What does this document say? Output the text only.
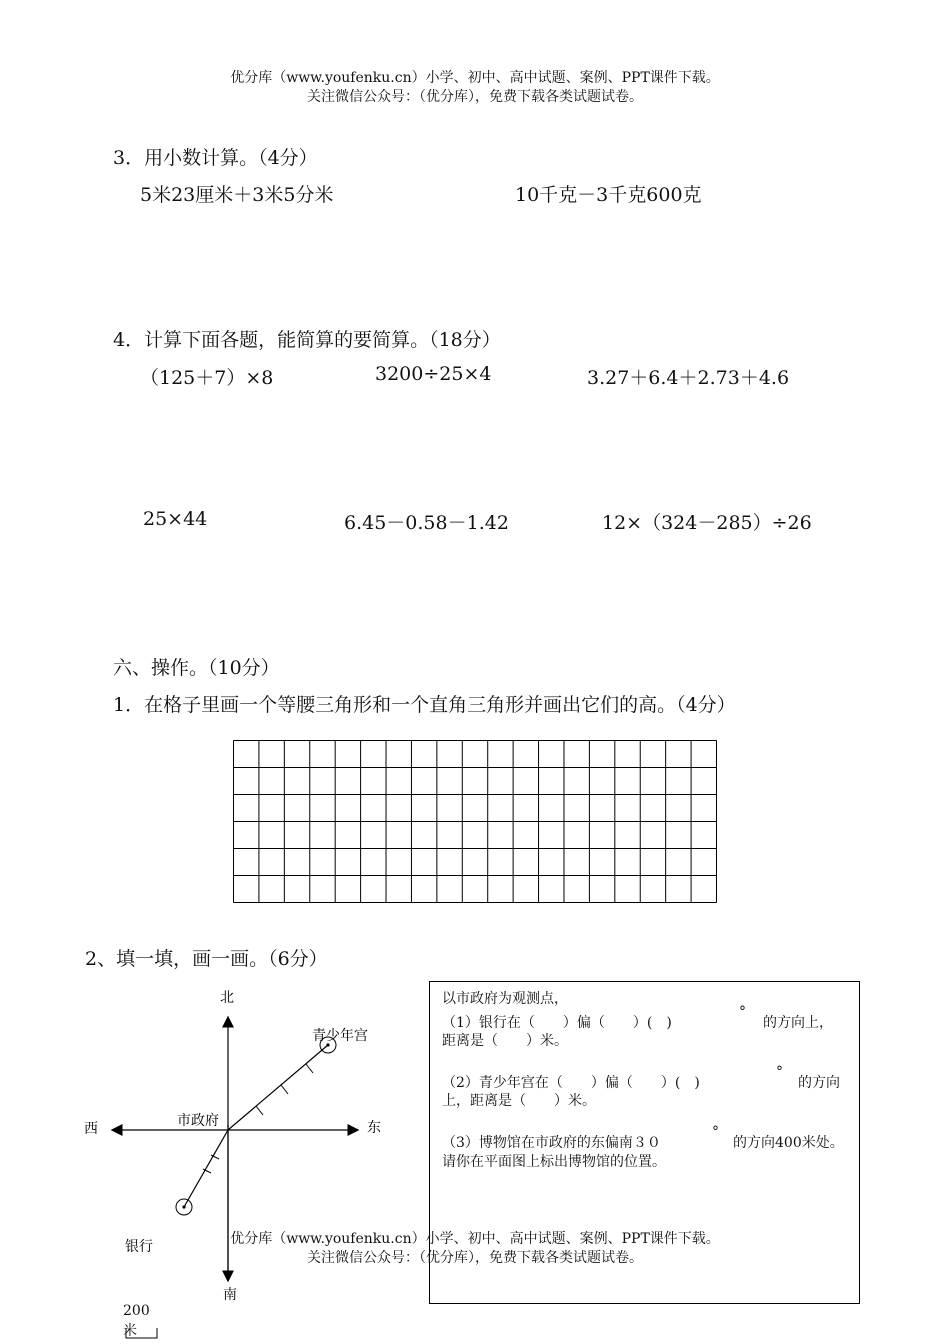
优分库（www.youfenku.cn）小学、初中、高中试题、案例、PPT课件下载。
关注微信公众号：（优分库），免费下载各类试题试卷。
3．用小数计算。（4分）
5米23厘米＋3米5分米	10千克－3千克600克
4．计算下面各题，能简算的要简算。（18分）
（125＋7）×8	3200÷25×4	3.27＋6.4＋2.73＋4.6
25×44	6.45－0.58－1.42	12×（324－285）÷26
六、操作。（10分）
1．在格子里画一个等腰三角形和一个直角三角形并画出它们的高。（4分）
2、填一填，画一画。（6分）
北
南
东
西
市政府
青少年宫
银行
200
米
以市政府为观测点，
（1）银行在（　　）偏（　　）(　)
°
的方向上，
距离是（　　）米。
（2）青少年宫在（　　）偏（　　）(　)
°
的方向
上，距离是（　　）米。
（3）博物馆在市政府的东偏南３０
°
的方向400米处。
请你在平面图上标出博物馆的位置。
优分库（www.youfenku.cn）小学、初中、高中试题、案例、PPT课件下载。
关注微信公众号：（优分库），免费下载各类试题试卷。
